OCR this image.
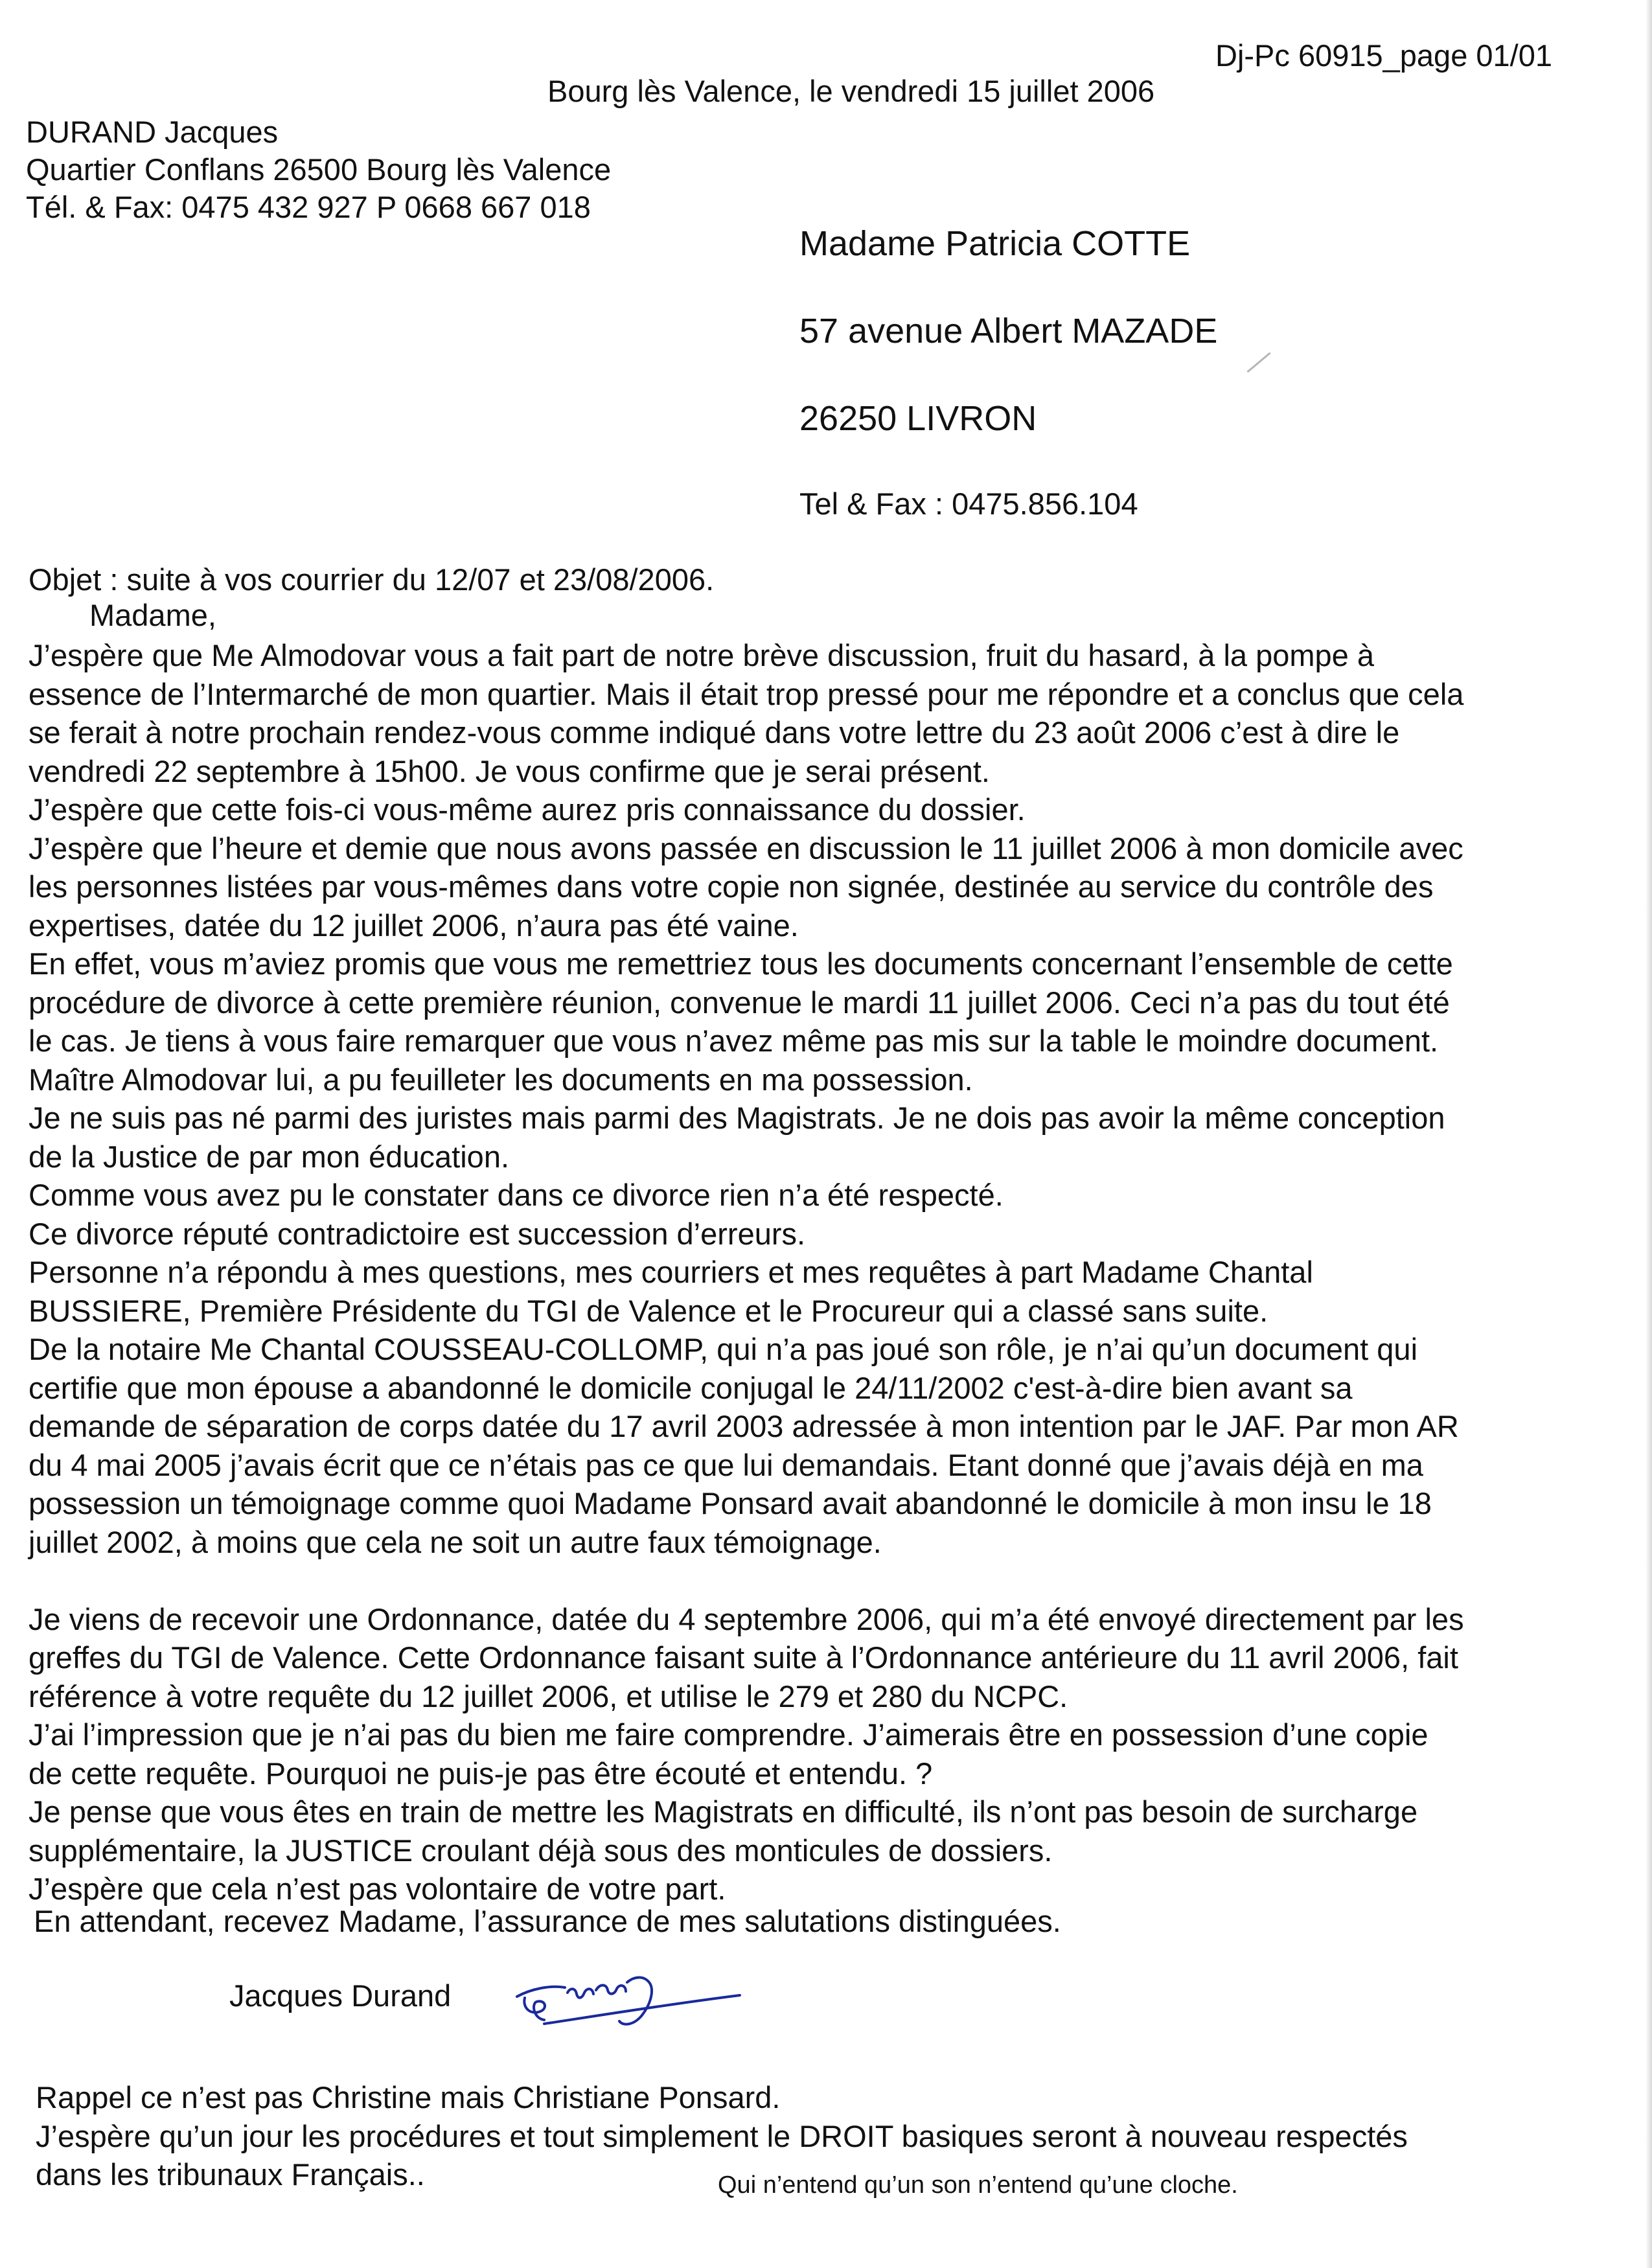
Dj-Pc 60915_page 01/01
Bourg lès Valence, le vendredi 15 juillet 2006
DURAND Jacques
Quartier Conflans 26500 Bourg lès Valence
Tél. & Fax: 0475 432 927 P 0668 667 018
Madame Patricia COTTE
57 avenue Albert MAZADE
26250 LIVRON
Tel & Fax : 0475.856.104
Objet : suite à vos courrier du 12/07 et 23/08/2006.
Madame,
J’espère que Me Almodovar vous a fait part de notre brève discussion, fruit du hasard, à la pompe à
essence de l’Intermarché de mon quartier. Mais il était trop pressé pour me répondre et a conclus que cela
se ferait à notre prochain rendez-vous comme indiqué dans votre lettre du 23 août 2006 c’est à dire le
vendredi 22 septembre à 15h00. Je vous confirme que je serai présent.
J’espère que cette fois-ci vous-même aurez pris connaissance du dossier.
J’espère que l’heure et demie que nous avons passée en discussion le 11 juillet 2006 à mon domicile avec
les personnes listées par vous-mêmes dans votre copie non signée, destinée au service du contrôle des
expertises, datée du 12 juillet 2006, n’aura pas été vaine.
En effet, vous m’aviez promis que vous me remettriez tous les documents concernant l’ensemble de cette
procédure de divorce à cette première réunion, convenue le mardi 11 juillet 2006. Ceci n’a pas du tout été
le cas. Je tiens à vous faire remarquer que vous n’avez même pas mis sur la table le moindre document.
Maître Almodovar lui, a pu feuilleter les documents en ma possession.
Je ne suis pas né parmi des juristes mais parmi des Magistrats. Je ne dois pas avoir la même conception
de la Justice de par mon éducation.
Comme vous avez pu le constater dans ce divorce rien n’a été respecté.
Ce divorce réputé contradictoire est succession d’erreurs.
Personne n’a répondu à mes questions, mes courriers et mes requêtes à part Madame Chantal
BUSSIERE, Première Présidente du TGI de Valence et le Procureur qui a classé sans suite.
De la notaire Me Chantal COUSSEAU-COLLOMP, qui n’a pas joué son rôle, je n’ai qu’un document qui
certifie que mon épouse a abandonné le domicile conjugal le 24/11/2002 c'est-à-dire bien avant sa
demande de séparation de corps datée du 17 avril 2003 adressée à mon intention par le JAF. Par mon AR
du 4 mai 2005 j’avais écrit que ce n’étais pas ce que lui demandais. Etant donné que j’avais déjà en ma
possession un témoignage comme quoi Madame Ponsard avait abandonné le domicile à mon insu le 18
juillet 2002, à moins que cela ne soit un autre faux témoignage.
Je viens de recevoir une Ordonnance, datée du 4 septembre 2006, qui m’a été envoyé directement par les
greffes du TGI de Valence. Cette Ordonnance faisant suite à l’Ordonnance antérieure du 11 avril 2006, fait
référence à votre requête du 12 juillet 2006, et utilise le 279 et 280 du NCPC.
J’ai l’impression que je n’ai pas du bien me faire comprendre. J’aimerais être en possession d’une copie
de cette requête. Pourquoi ne puis-je pas être écouté et entendu. ?
Je pense que vous êtes en train de mettre les Magistrats en difficulté, ils n’ont pas besoin de surcharge
supplémentaire, la JUSTICE croulant déjà sous des monticules de dossiers.
J’espère que cela n’est pas volontaire de votre part.
En attendant, recevez Madame, l’assurance de mes salutations distinguées.
Jacques Durand
Rappel ce n’est pas Christine mais Christiane Ponsard.
J’espère qu’un jour les procédures et tout simplement le DROIT basiques seront à nouveau respectés
dans les tribunaux Français..	Qui n’entend qu’un son n’entend qu’une cloche.
